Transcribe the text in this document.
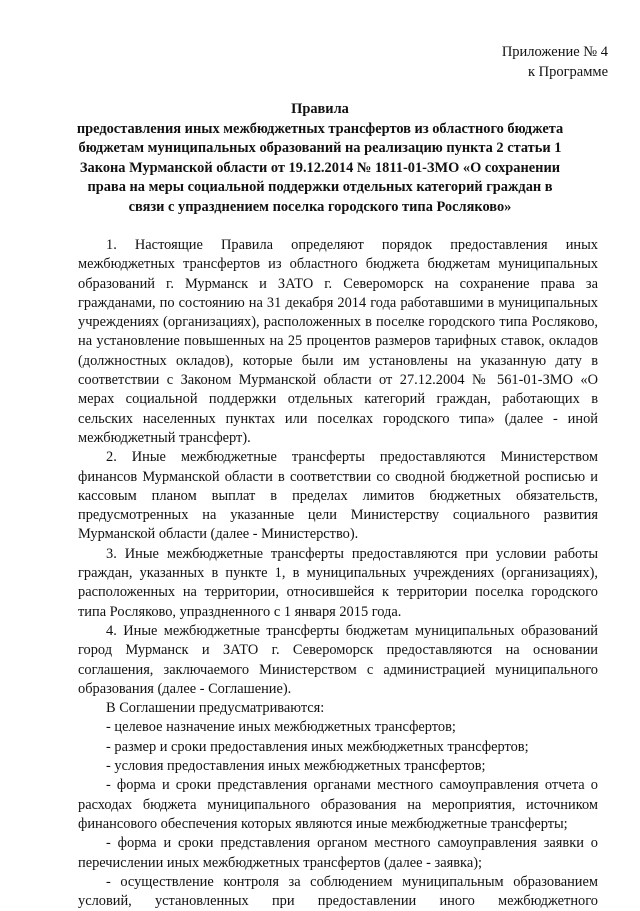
Приложение № 4
к Программе
Правила
предоставления иных межбюджетных трансфертов из областного бюджета
бюджетам муниципальных образований на реализацию пункта 2 статьи 1
Закона Мурманской области от 19.12.2014 № 1811-01-ЗМО «О сохранении
права на меры социальной поддержки отдельных категорий граждан в
связи с упразднением поселка городского типа Росляково»

1. Настоящие Правила определяют порядок предоставления иных межбюджетных трансфертов из областного бюджета бюджетам муниципальных образований г. Мурманск и ЗАТО г. Североморск на сохранение права за гражданами, по состоянию на 31 декабря 2014 года работавшими в муниципальных учреждениях (организациях), расположенных в поселке городского типа Росляково, на установление повышенных на 25 процентов размеров тарифных ставок, окладов (должностных окладов), которые были им установлены на указанную дату в соответствии с Законом Мурманской области от 27.12.2004 № 561-01-ЗМО «О мерах социальной поддержки отдельных категорий граждан, работающих в сельских населенных пунктах или поселках городского типа» (далее - иной межбюджетный трансферт).

2. Иные межбюджетные трансферты предоставляются Министерством финансов Мурманской области в соответствии со сводной бюджетной росписью и кассовым планом выплат в пределах лимитов бюджетных обязательств, предусмотренных на указанные цели Министерству социального развития Мурманской области (далее - Министерство).

3. Иные межбюджетные трансферты предоставляются при условии работы граждан, указанных в пункте 1, в муниципальных учреждениях (организациях), расположенных на территории, относившейся к территории поселка городского типа Росляково, упраздненного с 1 января 2015 года.

4. Иные межбюджетные трансферты бюджетам муниципальных образований город Мурманск и ЗАТО г. Североморск предоставляются на основании соглашения, заключаемого Министерством с администрацией муниципального образования (далее - Соглашение).

В Соглашении предусматриваются:

- целевое назначение иных межбюджетных трансфертов;

- размер и сроки предоставления иных межбюджетных трансфертов;

- условия предоставления иных межбюджетных трансфертов;

- форма и сроки представления органами местного самоуправления отчета о расходах бюджета муниципального образования на мероприятия, источником финансового обеспечения которых являются иные межбюджетные трансферты;

- форма и сроки представления органом местного самоуправления заявки о перечислении иных межбюджетных трансфертов (далее - заявка);

- осуществление контроля за соблюдением муниципальным образованием условий, установленных при предоставлении иного межбюджетного
